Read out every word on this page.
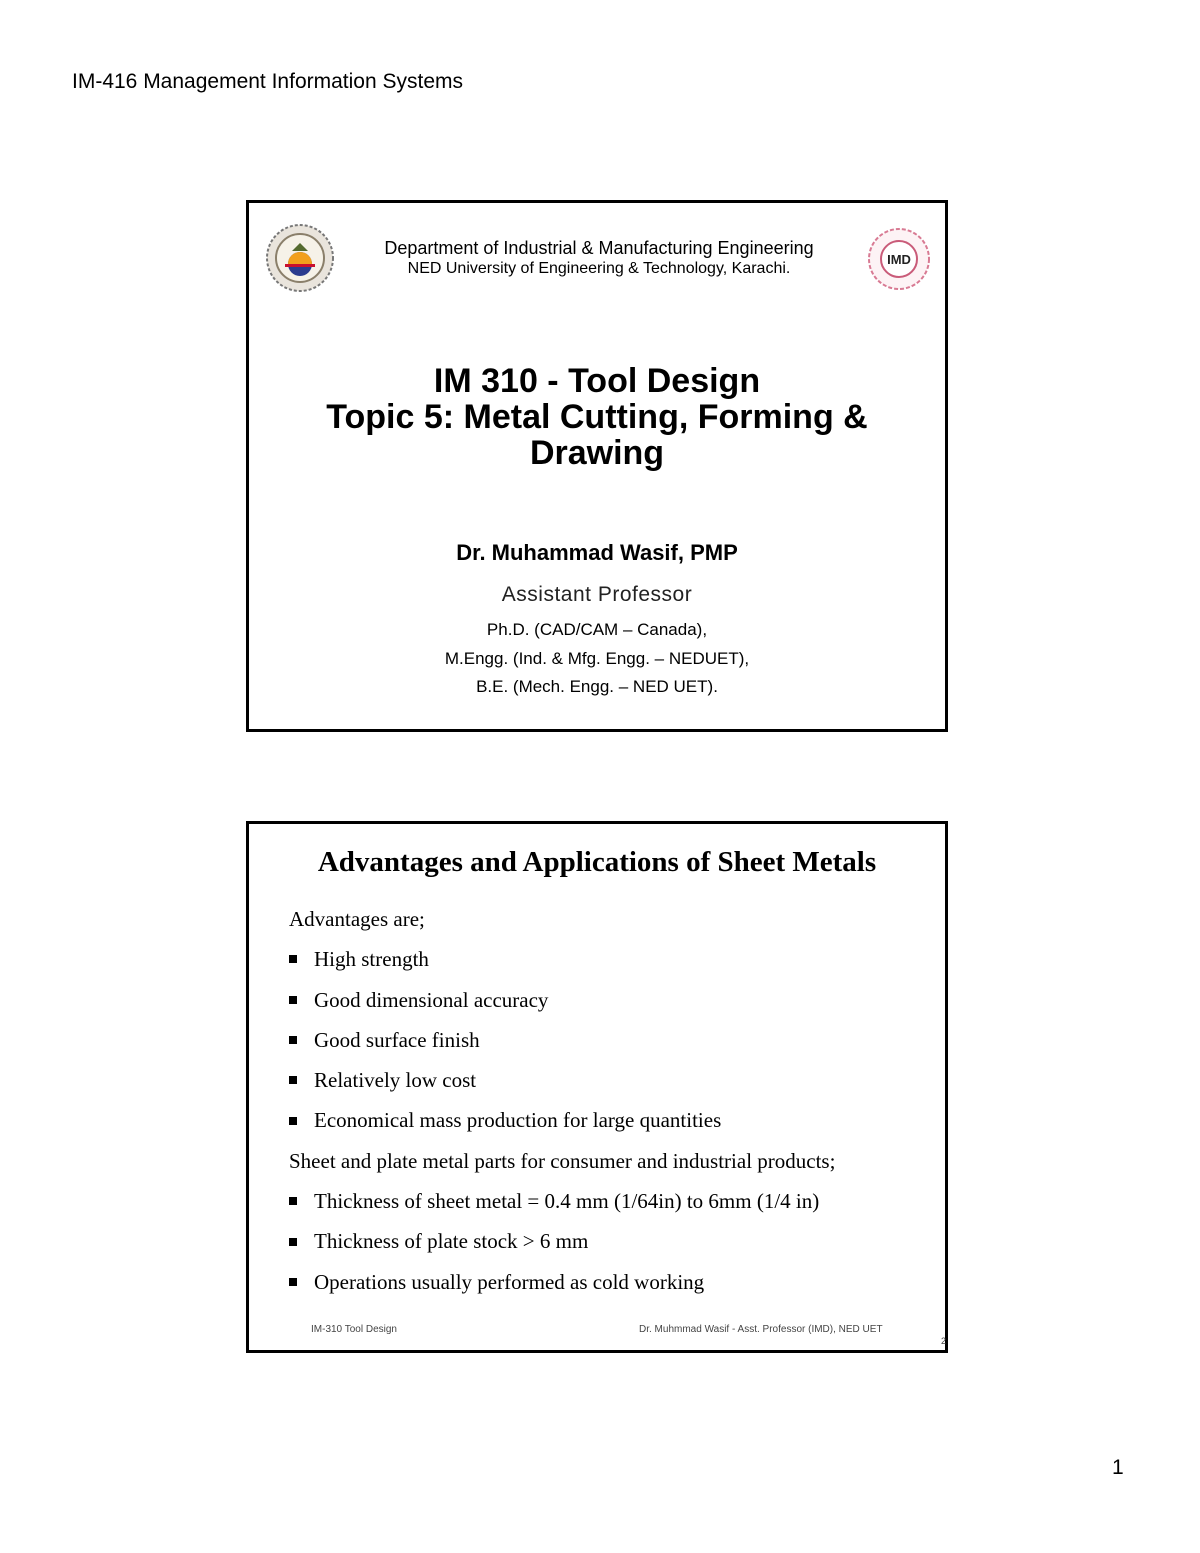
IM-416 Management Information Systems
Department of Industrial & Manufacturing Engineering
NED University of Engineering & Technology, Karachi.
IMD
IM 310 - Tool Design
Topic 5: Metal Cutting, Forming &
Drawing
Dr. Muhammad Wasif, PMP
Assistant Professor
Ph.D. (CAD/CAM – Canada),
M.Engg. (Ind. & Mfg. Engg. – NEDUET),
B.E. (Mech. Engg. – NED UET).
Advantages and Applications of Sheet Metals
Advantages are;
High strength
Good dimensional accuracy
Good surface finish
Relatively low cost
Economical mass production for large quantities
Sheet and plate metal parts for consumer and industrial products;
Thickness of sheet metal = 0.4 mm (1/64in) to 6mm (1/4 in)
Thickness of plate stock > 6 mm
Operations usually performed as cold working
IM-310 Tool Design	Dr. Muhmmad Wasif - Asst. Professor (IMD), NED UET
2
1
